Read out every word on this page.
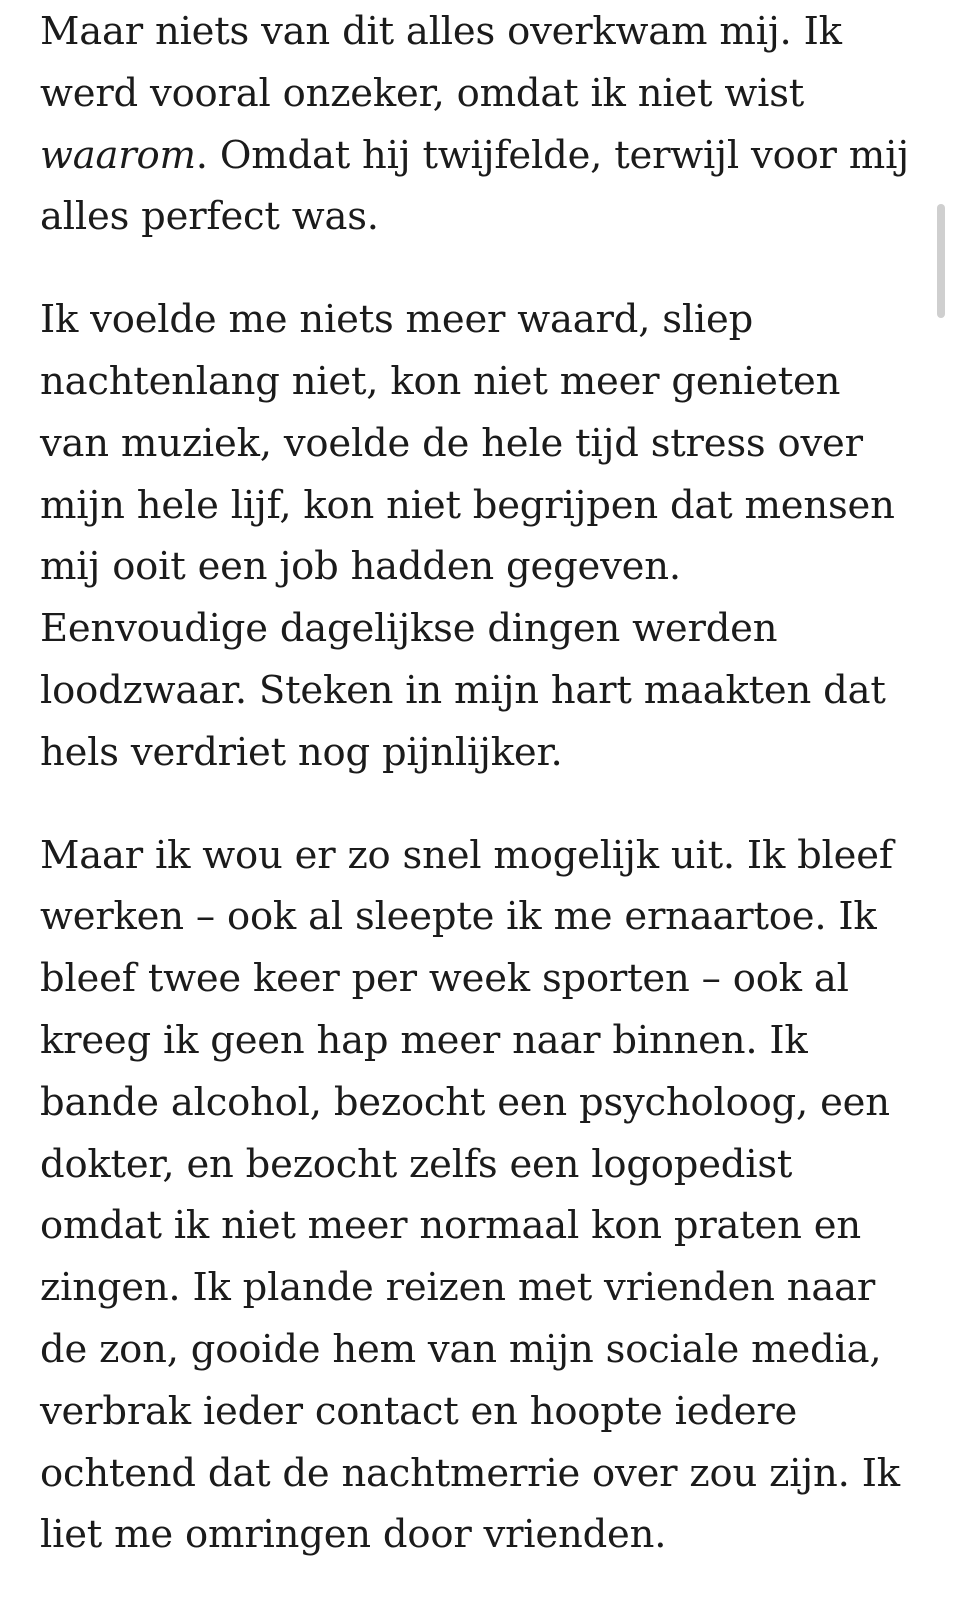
Maar niets van dit alles overkwam mij. Ik werd vooral onzeker, omdat ik niet wist waarom. Omdat hij twijfelde, terwijl voor mij alles perfect was.

Ik voelde me niets meer waard, sliep nachtenlang niet, kon niet meer genieten van muziek, voelde de hele tijd stress over mijn hele lijf, kon niet begrijpen dat mensen mij ooit een job hadden gegeven. Eenvoudige dagelijkse dingen werden loodzwaar. Steken in mijn hart maakten dat hels verdriet nog pijnlijker.

Maar ik wou er zo snel mogelijk uit. Ik bleef werken – ook al sleepte ik me ernaartoe. Ik bleef twee keer per week sporten – ook al kreeg ik geen hap meer naar binnen. Ik bande alcohol, bezocht een psycholoog, een dokter, en bezocht zelfs een logopedist omdat ik niet meer normaal kon praten en zingen. Ik plande reizen met vrienden naar de zon, gooide hem van mijn sociale media, verbrak ieder contact en hoopte iedere ochtend dat de nachtmerrie over zou zijn. Ik liet me omringen door vrienden.
